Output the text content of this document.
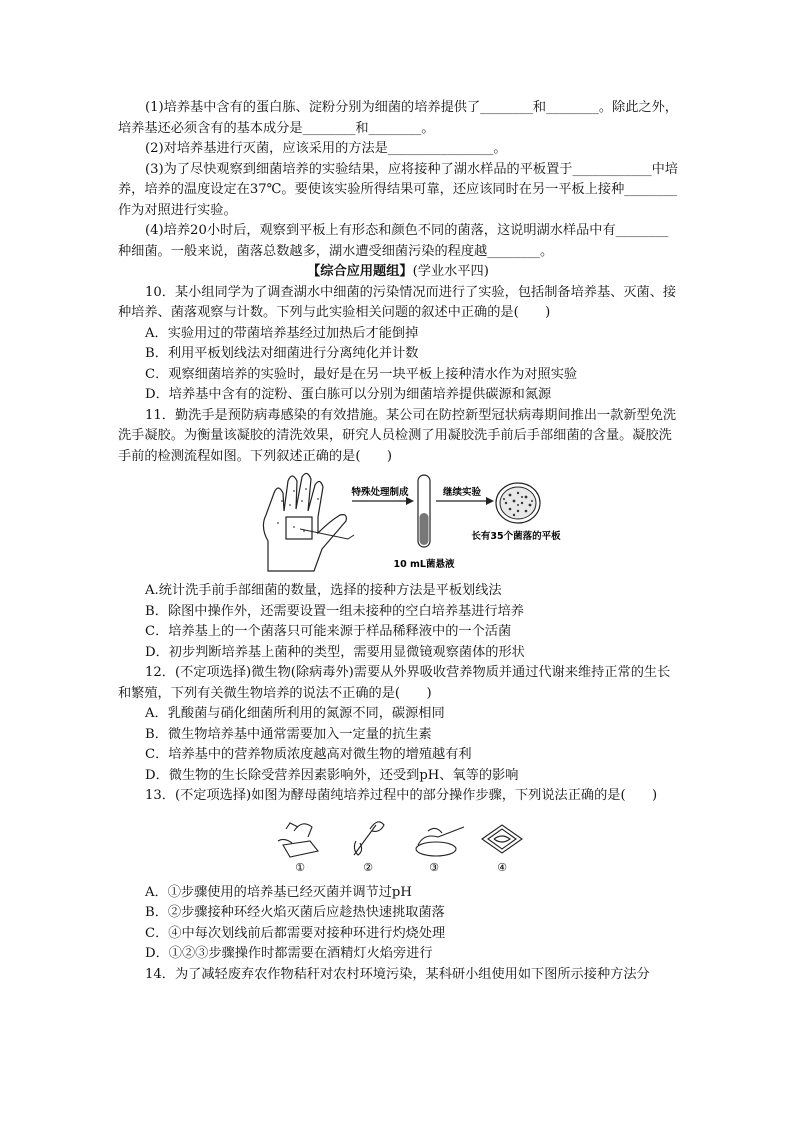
(1)培养基中含有的蛋白胨、淀粉分别为细菌的培养提供了________和________。除此之外，培养基还必须含有的基本成分是________和________。

(2)对培养基进行灭菌，应该采用的方法是________________。

(3)为了尽快观察到细菌培养的实验结果，应将接种了湖水样品的平板置于____________中培养，培养的温度设定在37℃。要使该实验所得结果可靠，还应该同时在另一平板上接种________作为对照进行实验。

(4)培养20小时后，观察到平板上有形态和颜色不同的菌落，这说明湖水样品中有________种细菌。一般来说，菌落总数越多，湖水遭受细菌污染的程度越________。

【综合应用题组】(学业水平四)

10．某小组同学为了调查湖水中细菌的污染情况而进行了实验，包括制备培养基、灭菌、接种培养、菌落观察与计数。下列与此实验相关问题的叙述中正确的是(　　)

A．实验用过的带菌培养基经过加热后才能倒掉

B．利用平板划线法对细菌进行分离纯化并计数

C．观察细菌培养的实验时，最好是在另一块平板上接种清水作为对照实验

D．培养基中含有的淀粉、蛋白胨可以分别为细菌培养提供碳源和氮源

11．勤洗手是预防病毒感染的有效措施。某公司在防控新型冠状病毒期间推出一款新型免洗洗手凝胶。为衡量该凝胶的清洗效果，研究人员检测了用凝胶洗手前后手部细菌的含量。凝胶洗手前的检测流程如图。下列叙述正确的是(　　)

特殊处理制成
10 mL菌悬液
继续实验
长有35个菌落的平板

A.统计洗手前手部细菌的数量，选择的接种方法是平板划线法

B．除图中操作外，还需要设置一组未接种的空白培养基进行培养

C．培养基上的一个菌落只可能来源于样品稀释液中的一个活菌

D．初步判断培养基上菌种的类型，需要用显微镜观察菌体的形状

12．(不定项选择)微生物(除病毒外)需要从外界吸收营养物质并通过代谢来维持正常的生长和繁殖，下列有关微生物培养的说法不正确的是(　　)

A．乳酸菌与硝化细菌所利用的氮源不同，碳源相同

B．微生物培养基中通常需要加入一定量的抗生素

C．培养基中的营养物质浓度越高对微生物的增殖越有利

D．微生物的生长除受营养因素影响外，还受到pH、氧等的影响

13．(不定项选择)如图为酵母菌纯培养过程中的部分操作步骤，下列说法正确的是(　　)

①	②	③	④

A．①步骤使用的培养基已经灭菌并调节过pH

B．②步骤接种环经火焰灭菌后应趁热快速挑取菌落

C．④中每次划线前后都需要对接种环进行灼烧处理

D．①②③步骤操作时都需要在酒精灯火焰旁进行

14．为了减轻废弃农作物秸秆对农村环境污染，某科研小组使用如下图所示接种方法分
